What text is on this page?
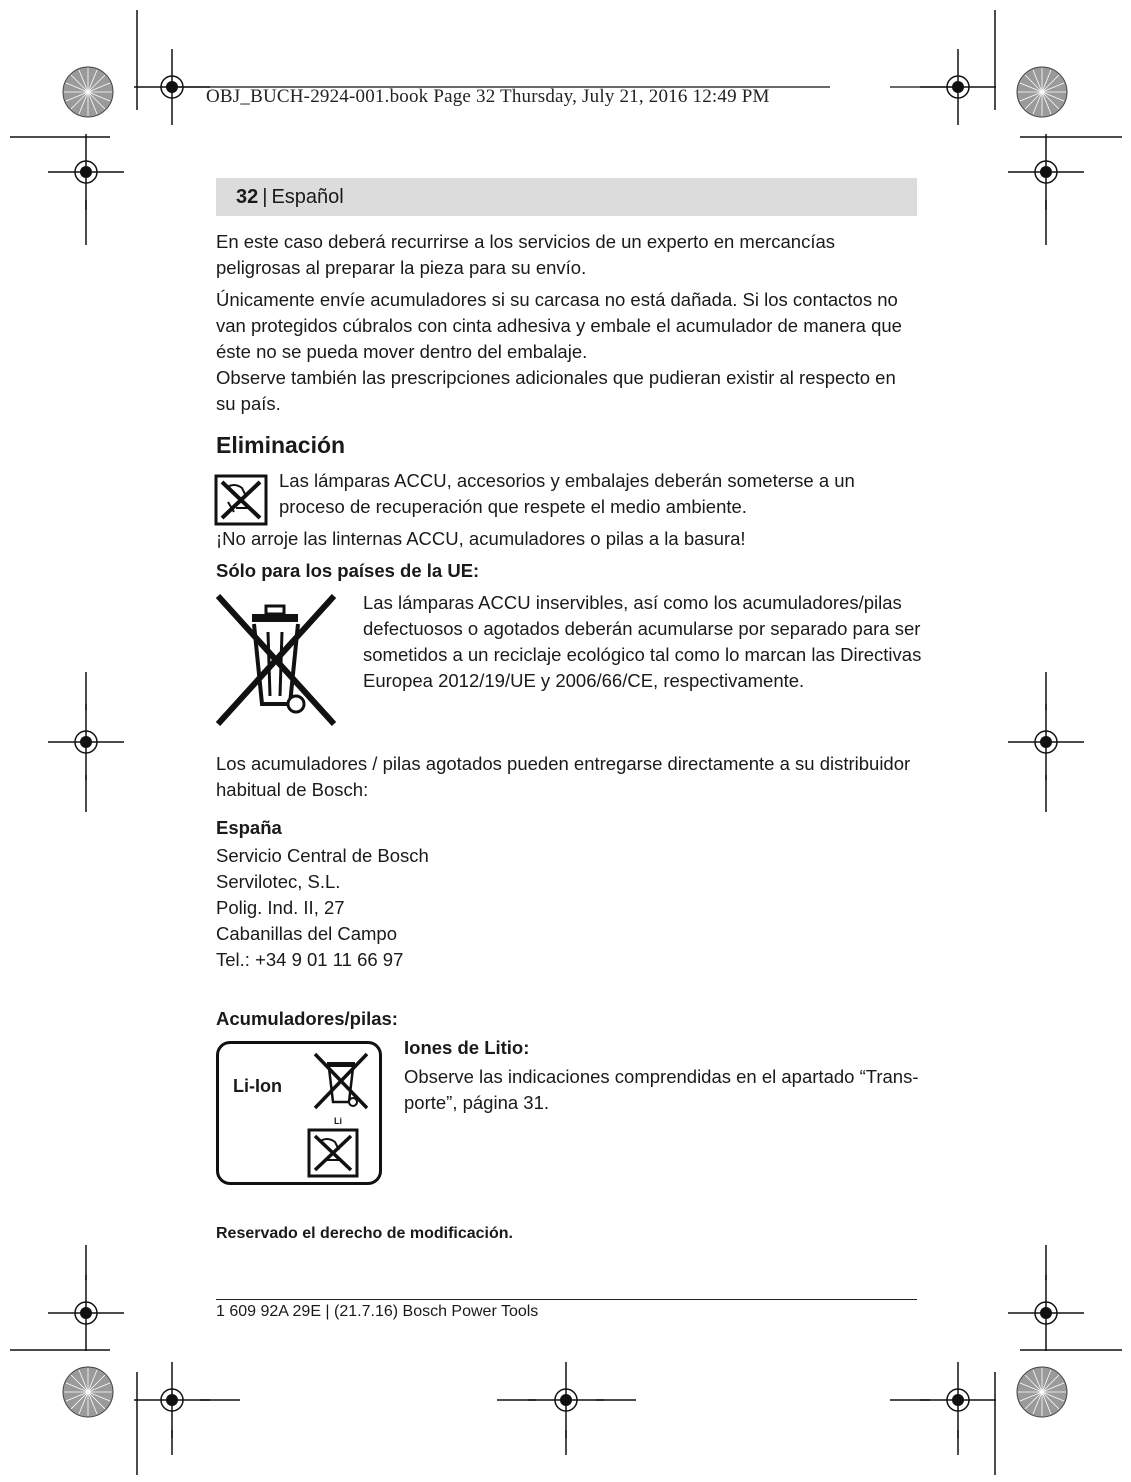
OBJ_BUCH-2924-001.book Page 32 Thursday, July 21, 2016 12:49 PM
32 | Español

En este caso deberá recurrirse a los servicios de un experto en mercancías peligrosas al preparar la pieza para su envío.

Únicamente envíe acumuladores si su carcasa no está dañada. Si los contactos no van protegidos cúbralos con cinta adhesiva y embale el acumulador de manera que éste no se pueda mover dentro del embalaje.

Observe también las prescripciones adicionales que pudieran existir al respecto en su país.

Eliminación
Las lámparas ACCU, accesorios y embalajes deberán someterse a un proceso de recuperación que respete el medio ambiente.
¡No arroje las linternas ACCU, acumuladores o pilas a la basura!
Sólo para los países de la UE:
Las lámparas ACCU inservibles, así como los acumuladores/pilas defectuosos o agotados deberán acumularse por separado para ser sometidos a un reciclaje ecológico tal como lo marcan las Directivas Europea 2012/19/UE y 2006/66/CE, respectivamente.
Los acumuladores / pilas agotados pueden entregarse directamente a su distribuidor habitual de Bosch:
España

Servicio Central de Bosch

Servilotec, S.L.

Polig. Ind. II, 27

Cabanillas del Campo

Tel.: +34 9 01 11 66 97

Acumuladores/pilas:
Li-Ion
Li
Iones de Litio:
Observe las indicaciones comprendidas en el apartado “Trans-porte”, página 31.
Reservado el derecho de modificación.
1 609 92A 29E | (21.7.16) Bosch Power Tools
